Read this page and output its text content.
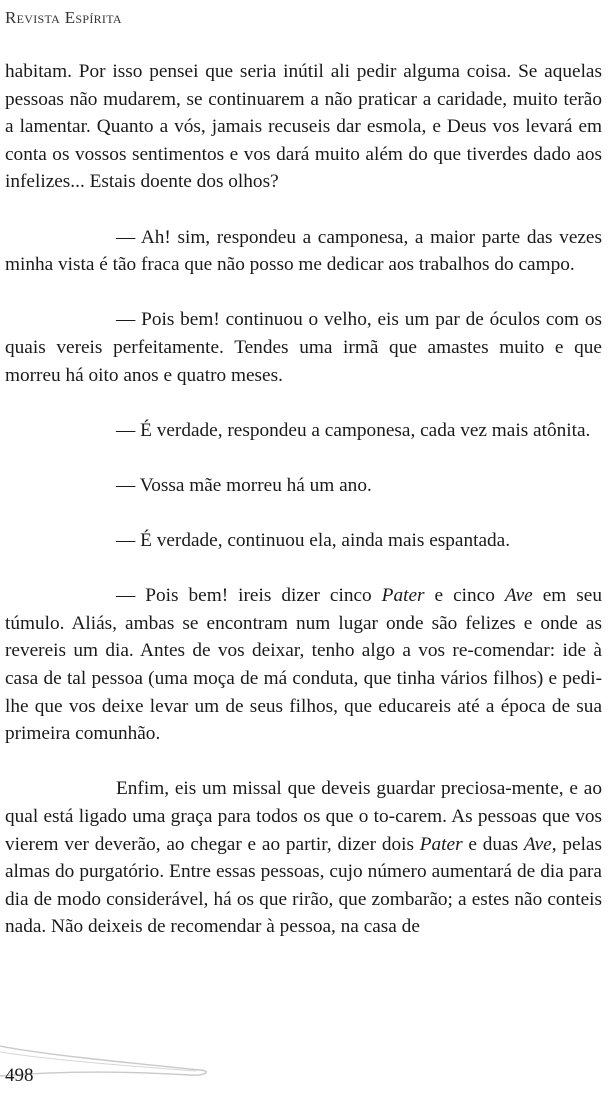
Revista Espírita

habitam. Por isso pensei que seria inútil ali pedir alguma coisa. Se aquelas pessoas não mudarem, se continuarem a não praticar a caridade, muito terão a lamentar. Quanto a vós, jamais recuseis dar esmola, e Deus vos levará em conta os vossos sentimentos e vos dará muito além do que tiverdes dado aos infelizes... Estais doente dos olhos?

— Ah! sim, respondeu a camponesa, a maior parte das vezes minha vista é tão fraca que não posso me dedicar aos trabalhos do campo.

— Pois bem! continuou o velho, eis um par de óculos com os quais vereis perfeitamente. Tendes uma irmã que amastes muito e que morreu há oito anos e quatro meses.

— É verdade, respondeu a camponesa, cada vez mais atônita.

— Vossa mãe morreu há um ano.

— É verdade, continuou ela, ainda mais espantada.

— Pois bem! ireis dizer cinco Pater e cinco Ave em seu túmulo. Aliás, ambas se encontram num lugar onde são felizes e onde as revereis um dia. Antes de vos deixar, tenho algo a vos re-comendar: ide à casa de tal pessoa (uma moça de má conduta, que tinha vários filhos) e pedi-lhe que vos deixe levar um de seus filhos, que educareis até a época de sua primeira comunhão.

Enfim, eis um missal que deveis guardar preciosa-mente, e ao qual está ligado uma graça para todos os que o to-carem. As pessoas que vos vierem ver deverão, ao chegar e ao partir, dizer dois Pater e duas Ave, pelas almas do purgatório. Entre essas pessoas, cujo número aumentará de dia para dia de modo considerável, há os que rirão, que zombarão; a estes não conteis nada. Não deixeis de recomendar à pessoa, na casa de

498
